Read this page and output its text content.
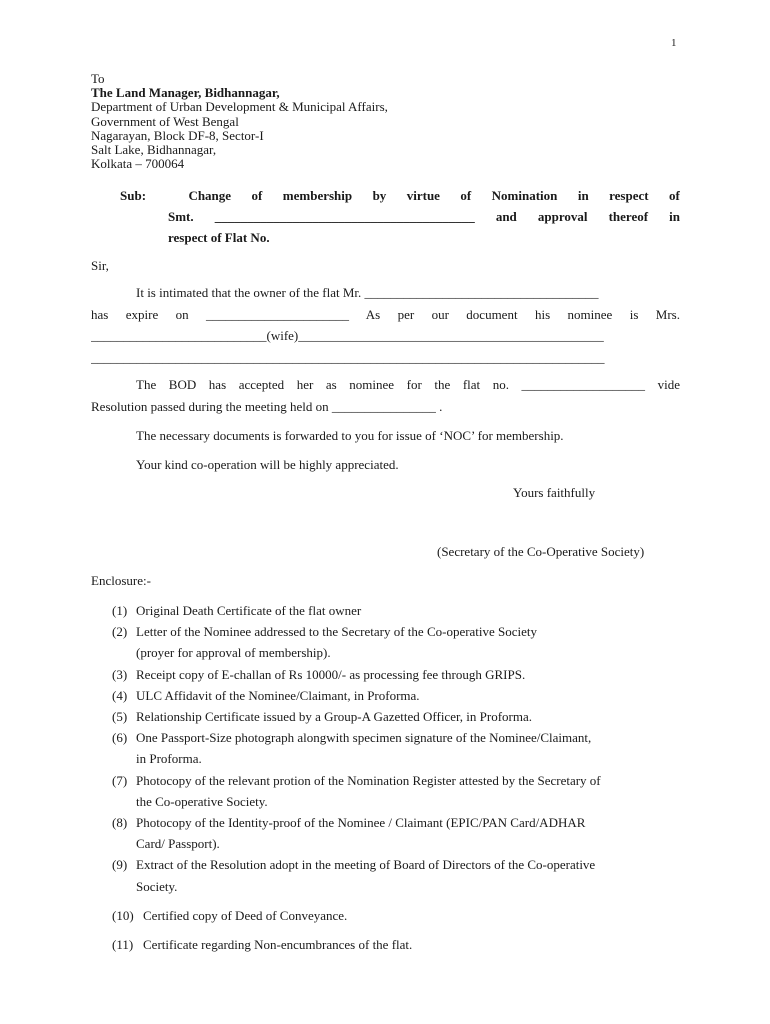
1
To
The Land Manager, Bidhannagar,
Department of Urban Development & Municipal Affairs,
Government of West Bengal
Nagarayan, Block DF-8, Sector-I
Salt Lake, Bidhannagar,
Kolkata – 700064
Sub:	Change of membership by virtue of Nomination in respect of
Smt. ________________________________________ and approval thereof in
respect of Flat No.
Sir,
It is intimated that the owner of the flat Mr. ____________________________________
has expire on ______________________ As per our document his nominee is Mrs.
___________________________(wife)_______________________________________________
_______________________________________________________________________________
The BOD has accepted her as nominee for the flat no. ___________________ vide
Resolution passed during the meeting held on ________________ .
The necessary documents is forwarded to you for issue of ‘NOC’ for membership.
Your kind co-operation will be highly appreciated.
Yours faithfully
(Secretary of the Co-Operative Society)
Enclosure:-
(1) Original Death Certificate of the flat owner
(2) Letter of the Nominee addressed to the Secretary of the Co-operative Society
(proyer for approval of membership).
(3) Receipt copy of E-challan of Rs 10000/- as processing fee through GRIPS.
(4) ULC Affidavit of the Nominee/Claimant, in Proforma.
(5) Relationship Certificate issued by a Group-A Gazetted Officer, in Proforma.
(6) One Passport-Size photograph alongwith specimen signature of the Nominee/Claimant,
in Proforma.
(7) Photocopy of the relevant protion of the Nomination Register attested by the Secretary of
the Co-operative Society.
(8) Photocopy of the Identity-proof of the Nominee / Claimant (EPIC/PAN Card/ADHAR
Card/ Passport).
(9) Extract of the Resolution adopt in the meeting of Board of Directors of the Co-operative
Society.
(10) Certified copy of Deed of Conveyance.
(11) Certificate regarding Non-encumbrances of the flat.
